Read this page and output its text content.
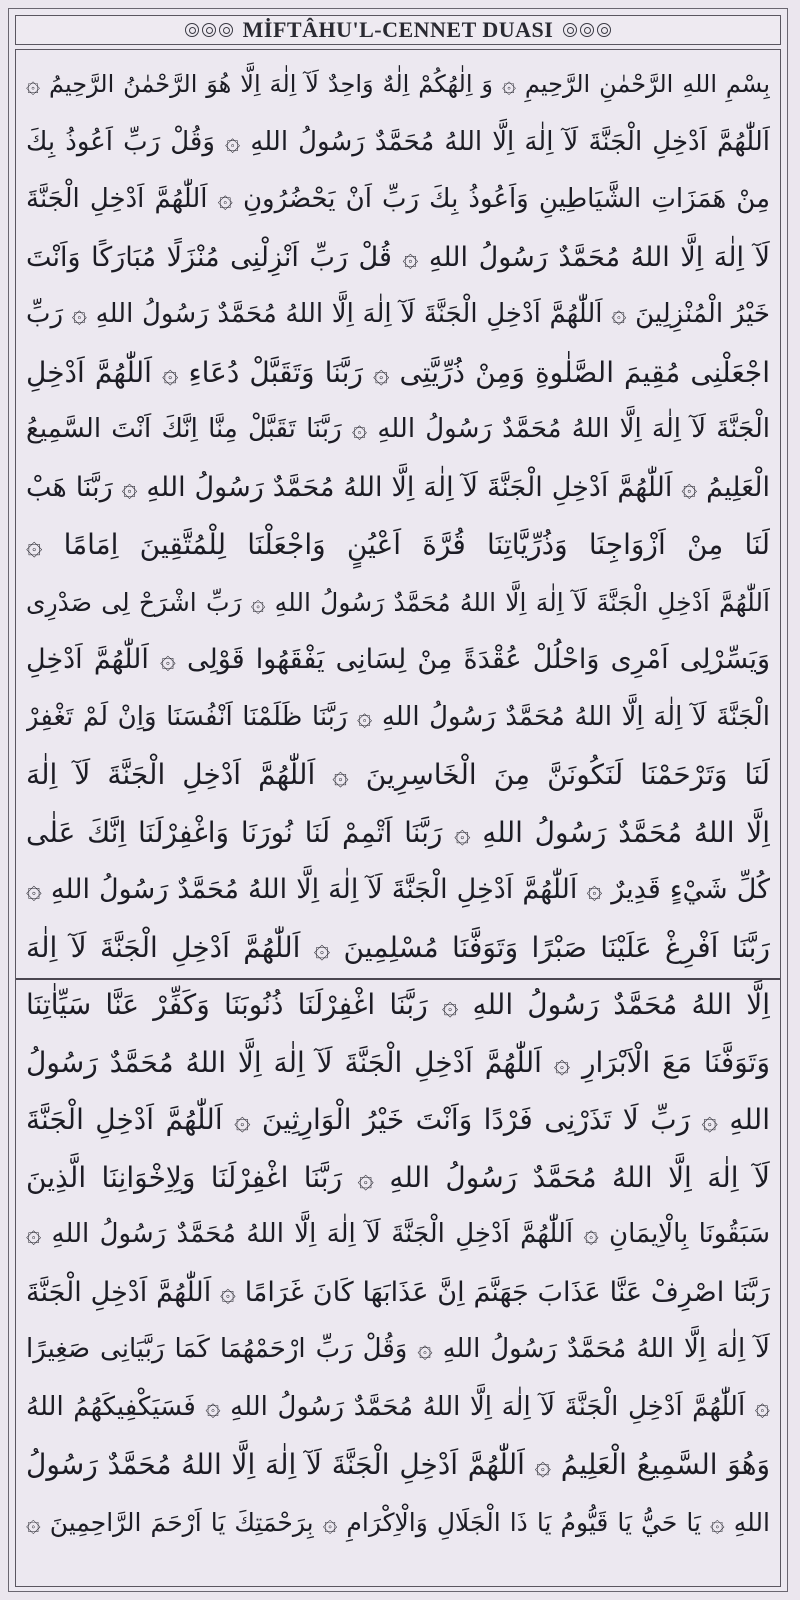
MİFTÂHU'L-CENNET DUASI
بِسْمِ اللهِ الرَّحْمٰنِ الرَّحِيمِ ۞ وَ اِلٰهُكُمْ اِلٰهٌ وَاحِدٌ لَآ اِلٰهَ اِلَّا هُوَ الرَّحْمٰنُ الرَّحِيمُ ۞
اَللّٰهُمَّ اَدْخِلِ الْجَنَّةَ لَآ اِلٰهَ اِلَّا اللهُ مُحَمَّدٌ رَسُولُ اللهِ ۞ وَقُلْ رَبِّ اَعُوذُ بِكَ
مِنْ هَمَزَاتِ الشَّيَاطِينِ وَاَعُوذُ بِكَ رَبِّ اَنْ يَحْضُرُونِ ۞ اَللّٰهُمَّ اَدْخِلِ الْجَنَّةَ
لَآ اِلٰهَ اِلَّا اللهُ مُحَمَّدٌ رَسُولُ اللهِ ۞ قُلْ رَبِّ اَنْزِلْنِى مُنْزَلًا مُبَارَكًا وَاَنْتَ
خَيْرُ الْمُنْزِلِينَ ۞ اَللّٰهُمَّ اَدْخِلِ الْجَنَّةَ لَآ اِلٰهَ اِلَّا اللهُ مُحَمَّدٌ رَسُولُ اللهِ ۞ رَبِّ
اجْعَلْنِى مُقِيمَ الصَّلٰوةِ وَمِنْ ذُرِّيَّتِى ۞ رَبَّنَا وَتَقَبَّلْ دُعَاءِ ۞ اَللّٰهُمَّ اَدْخِلِ
الْجَنَّةَ لَآ اِلٰهَ اِلَّا اللهُ مُحَمَّدٌ رَسُولُ اللهِ ۞ رَبَّنَا تَقَبَّلْ مِنَّا اِنَّكَ اَنْتَ السَّمِيعُ
الْعَلِيمُ ۞ اَللّٰهُمَّ اَدْخِلِ الْجَنَّةَ لَآ اِلٰهَ اِلَّا اللهُ مُحَمَّدٌ رَسُولُ اللهِ ۞ رَبَّنَا هَبْ
لَنَا مِنْ اَزْوَاجِنَا وَذُرِّيَّاتِنَا قُرَّةَ اَعْيُنٍ وَاجْعَلْنَا لِلْمُتَّقِينَ اِمَامًا ۞
اَللّٰهُمَّ اَدْخِلِ الْجَنَّةَ لَآ اِلٰهَ اِلَّا اللهُ مُحَمَّدٌ رَسُولُ اللهِ ۞ رَبِّ اشْرَحْ لِى صَدْرِى
وَيَسِّرْلِى اَمْرِى وَاحْلُلْ عُقْدَةً مِنْ لِسَانِى يَفْقَهُوا قَوْلِى ۞ اَللّٰهُمَّ اَدْخِلِ
الْجَنَّةَ لَآ اِلٰهَ اِلَّا اللهُ مُحَمَّدٌ رَسُولُ اللهِ ۞ رَبَّنَا ظَلَمْنَا اَنْفُسَنَا وَاِنْ لَمْ تَغْفِرْ
لَنَا وَتَرْحَمْنَا لَنَكُونَنَّ مِنَ الْخَاسِرِينَ ۞ اَللّٰهُمَّ اَدْخِلِ الْجَنَّةَ لَآ اِلٰهَ
اِلَّا اللهُ مُحَمَّدٌ رَسُولُ اللهِ ۞ رَبَّنَا اَتْمِمْ لَنَا نُورَنَا وَاغْفِرْلَنَا اِنَّكَ عَلٰى
كُلِّ شَيْءٍ قَدِيرٌ ۞ اَللّٰهُمَّ اَدْخِلِ الْجَنَّةَ لَآ اِلٰهَ اِلَّا اللهُ مُحَمَّدٌ رَسُولُ اللهِ ۞
رَبَّنَا اَفْرِغْ عَلَيْنَا صَبْرًا وَتَوَفَّنَا مُسْلِمِينَ ۞ اَللّٰهُمَّ اَدْخِلِ الْجَنَّةَ لَآ اِلٰهَ
اِلَّا اللهُ مُحَمَّدٌ رَسُولُ اللهِ ۞ رَبَّنَا اغْفِرْلَنَا ذُنُوبَنَا وَكَفِّرْ عَنَّا سَيِّاٰتِنَا
وَتَوَفَّنَا مَعَ الْاَبْرَارِ ۞ اَللّٰهُمَّ اَدْخِلِ الْجَنَّةَ لَآ اِلٰهَ اِلَّا اللهُ مُحَمَّدٌ رَسُولُ
اللهِ ۞ رَبِّ لَا تَذَرْنِى فَرْدًا وَاَنْتَ خَيْرُ الْوَارِثِينَ ۞ اَللّٰهُمَّ اَدْخِلِ الْجَنَّةَ
لَآ اِلٰهَ اِلَّا اللهُ مُحَمَّدٌ رَسُولُ اللهِ ۞ رَبَّنَا اغْفِرْلَنَا وَلِاِخْوَانِنَا الَّذِينَ
سَبَقُونَا بِالْاِيمَانِ ۞ اَللّٰهُمَّ اَدْخِلِ الْجَنَّةَ لَآ اِلٰهَ اِلَّا اللهُ مُحَمَّدٌ رَسُولُ اللهِ ۞
رَبَّنَا اصْرِفْ عَنَّا عَذَابَ جَهَنَّمَ اِنَّ عَذَابَهَا كَانَ غَرَامًا ۞ اَللّٰهُمَّ اَدْخِلِ الْجَنَّةَ
لَآ اِلٰهَ اِلَّا اللهُ مُحَمَّدٌ رَسُولُ اللهِ ۞ وَقُلْ رَبِّ ارْحَمْهُمَا كَمَا رَبَّيَانِى صَغِيرًا
۞ اَللّٰهُمَّ اَدْخِلِ الْجَنَّةَ لَآ اِلٰهَ اِلَّا اللهُ مُحَمَّدٌ رَسُولُ اللهِ ۞ فَسَيَكْفِيكَهُمُ اللهُ
وَهُوَ السَّمِيعُ الْعَلِيمُ ۞ اَللّٰهُمَّ اَدْخِلِ الْجَنَّةَ لَآ اِلٰهَ اِلَّا اللهُ مُحَمَّدٌ رَسُولُ
اللهِ ۞ يَا حَيُّ يَا قَيُّومُ يَا ذَا الْجَلَالِ وَالْاِكْرَامِ ۞ بِرَحْمَتِكَ يَا اَرْحَمَ الرَّاحِمِينَ ۞
